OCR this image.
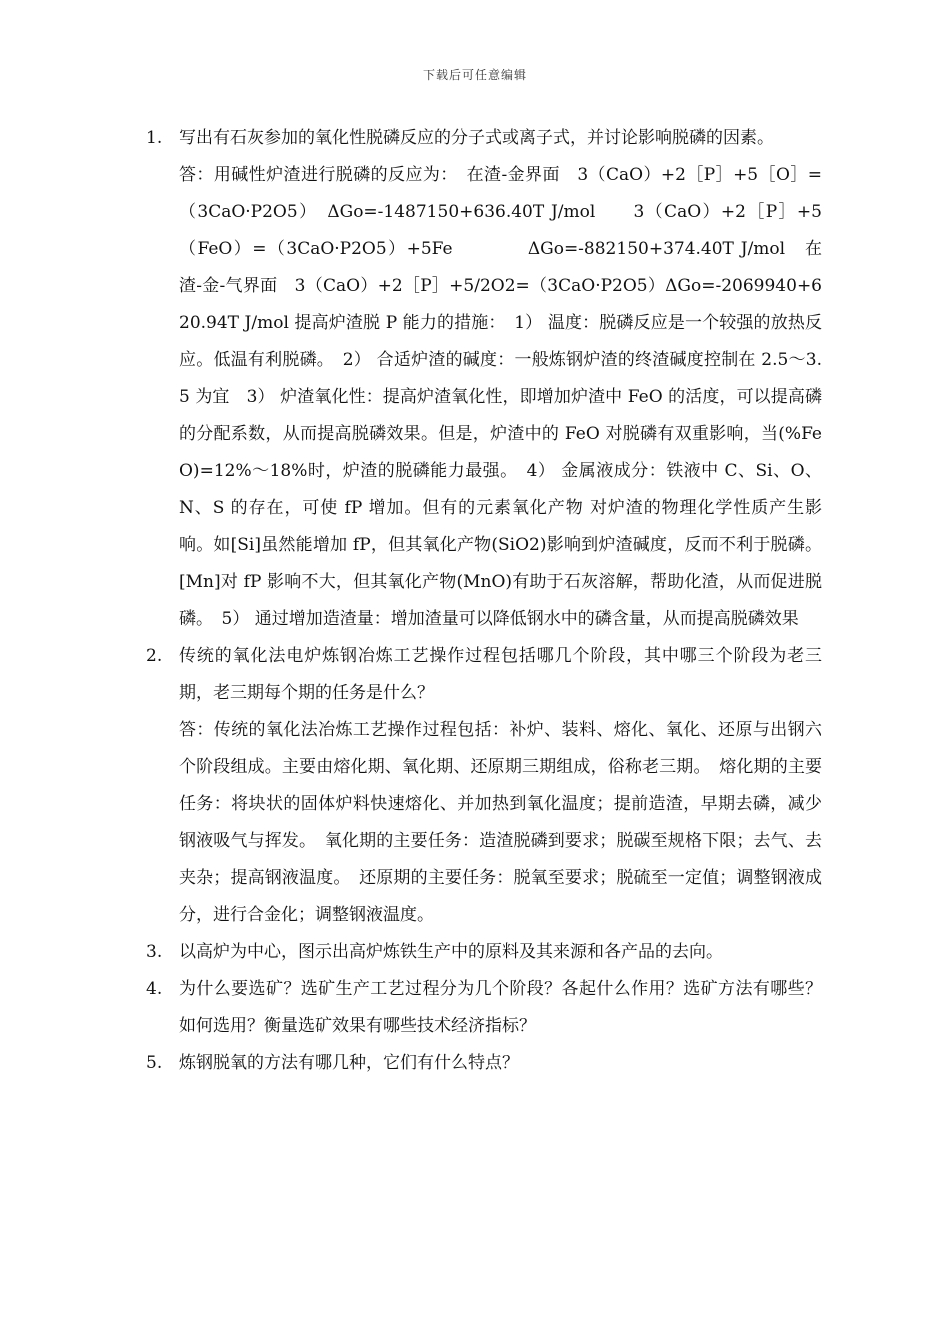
下载后可任意编辑
1. 写出有石灰参加的氧化性脱磷反应的分子式或离子式，并讨论影响脱磷的因素。

答：用碱性炉渣进行脱磷的反应为：　在渣-金界面　3（CaO）+2［P］+5［O］=（3CaO·P2O5）　ΔGo=-1487150+636.40T J/mol　　3（CaO）+2［P］+5（FeO）=（3CaO·P2O5）+5Fe　　　　ΔGo=-882150+374.40T J/mol　在渣-金-气界面　3（CaO）+2［P］+5/2O2=（3CaO·P2O5）ΔGo=-2069940+620.94T J/mol 提高炉渣脱 P 能力的措施：　1） 温度：脱磷反应是一个较强的放热反应。低温有利脱磷。　2） 合适炉渣的碱度：一般炼钢炉渣的终渣碱度控制在 2.5～3.5 为宜　3） 炉渣氧化性：提高炉渣氧化性，即增加炉渣中 FeO 的活度，可以提高磷的分配系数，从而提高脱磷效果。但是，炉渣中的 FeO 对脱磷有双重影响，当(%FeO)=12%～18%时，炉渣的脱磷能力最强。　4） 金属液成分：铁液中 C、Si、O、N、S 的存在，可使 fP 增加。但有的元素氧化产物 对炉渣的物理化学性质产生影响。如[Si]虽然能增加 fP，但其氧化产物(SiO2)影响到炉渣碱度，反而不利于脱磷。[Mn]对 fP 影响不大，但其氧化产物(MnO)有助于石灰溶解，帮助化渣，从而促进脱磷。　5） 通过增加造渣量：增加渣量可以降低钢水中的磷含量，从而提高脱磷效果

2. 传统的氧化法电炉炼钢冶炼工艺操作过程包括哪几个阶段，其中哪三个阶段为老三期，老三期每个期的任务是什么？

答：传统的氧化法冶炼工艺操作过程包括：补炉、装料、熔化、氧化、还原与出钢六个阶段组成。主要由熔化期、氧化期、还原期三期组成，俗称老三期。　熔化期的主要任务：将块状的固体炉料快速熔化、并加热到氧化温度；提前造渣，早期去磷，减少钢液吸气与挥发。　氧化期的主要任务：造渣脱磷到要求；脱碳至规格下限；去气、去夹杂；提高钢液温度。　还原期的主要任务：脱氧至要求；脱硫至一定值；调整钢液成分，进行合金化；调整钢液温度。

3. 以高炉为中心，图示出高炉炼铁生产中的原料及其来源和各产品的去向。

4. 为什么要选矿？选矿生产工艺过程分为几个阶段？各起什么作用？选矿方法有哪些？如何选用？衡量选矿效果有哪些技术经济指标？

5. 炼钢脱氧的方法有哪几种，它们有什么特点？
